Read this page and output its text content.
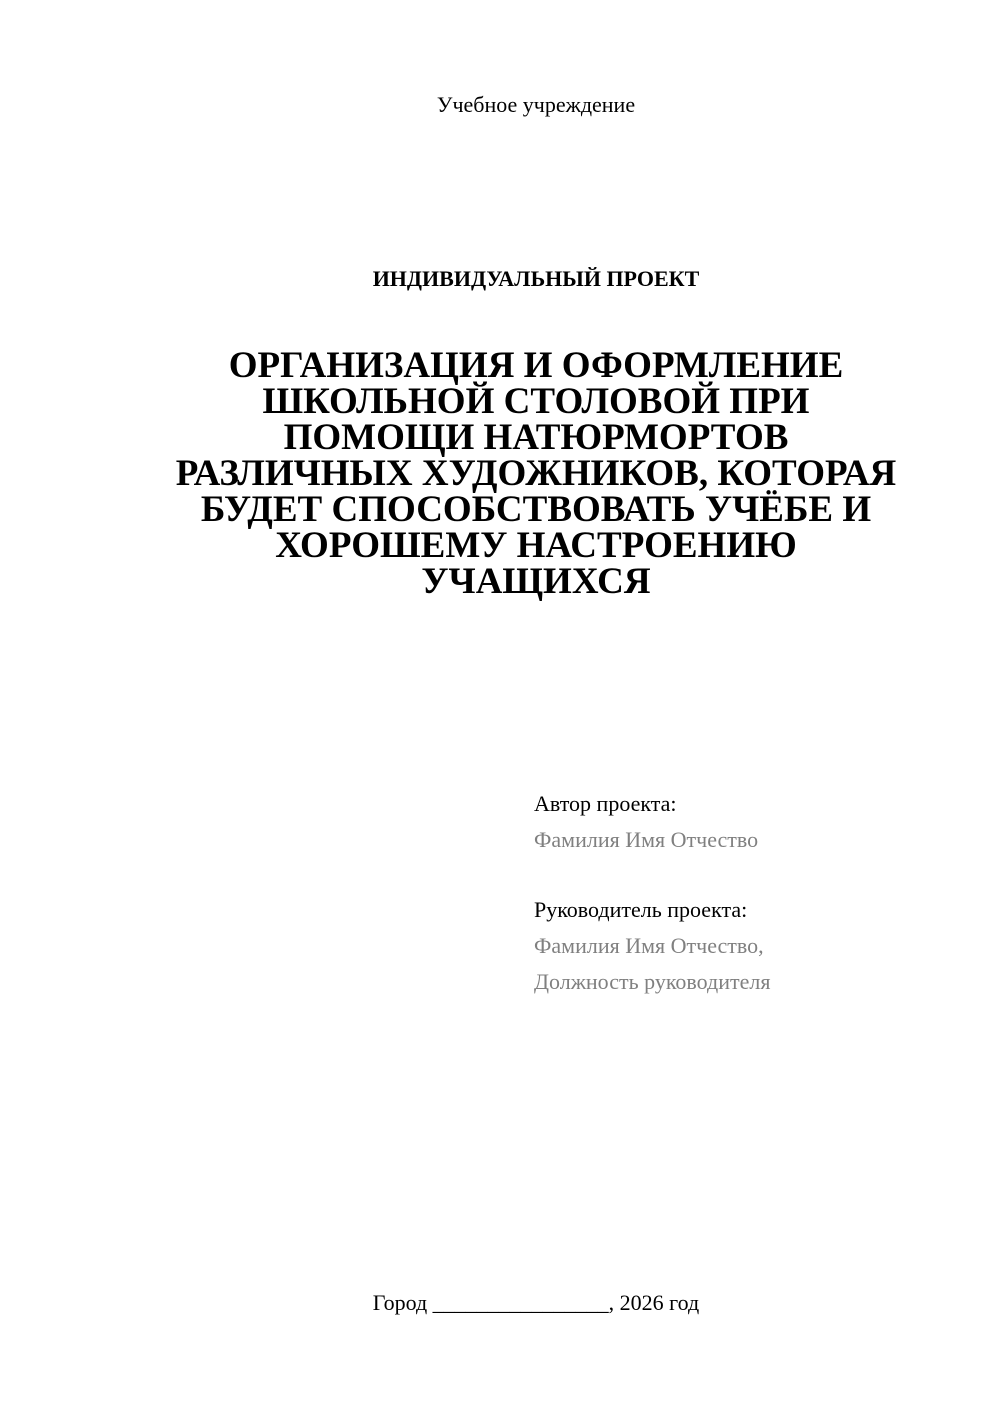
Учебное учреждение
ИНДИВИДУАЛЬНЫЙ ПРОЕКТ
ОРГАНИЗАЦИЯ И ОФОРМЛЕНИЕ
ШКОЛЬНОЙ СТОЛОВОЙ ПРИ
ПОМОЩИ НАТЮРМОРТОВ
РАЗЛИЧНЫХ ХУДОЖНИКОВ, КОТОРАЯ
БУДЕТ СПОСОБСТВОВАТЬ УЧЁБЕ И
ХОРОШЕМУ НАСТРОЕНИЮ
УЧАЩИХСЯ
Автор проекта:
Фамилия Имя Отчество
Руководитель проекта:
Фамилия Имя Отчество,
Должность руководителя
Город ________________, 2026 год
